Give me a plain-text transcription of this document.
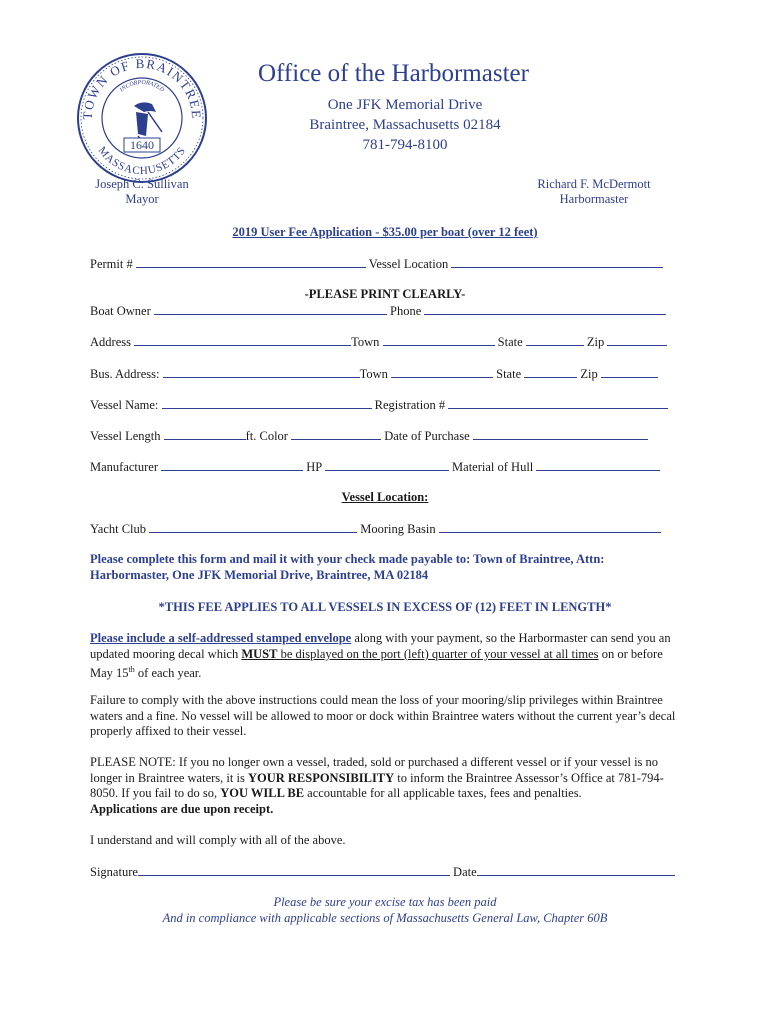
TOWN OF BRAINTREE
MASSACHUSETTS
INCORPORATED
1640
Office of the Harbormaster
One JFK Memorial Drive
Braintree, Massachusetts 02184
781-794-8100
Joseph C. Sullivan
Mayor
Richard F. McDermott
Harbormaster
2019 User Fee Application - $35.00 per boat (over 12 feet)
Permit #	Vessel Location
-PLEASE PRINT CLEARLY-
Boat Owner	Phone
Address	Town	State	Zip
Bus. Address:	Town	State	Zip
Vessel Name:	Registration #
Vessel Length	ft. Color	Date of Purchase
Manufacturer	HP	Material of Hull
Vessel Location:
Yacht Club	Mooring Basin
Please complete this form and mail it with your check made payable to: Town of Braintree, Attn: Harbormaster, One JFK Memorial Drive, Braintree, MA 02184
*THIS FEE APPLIES TO ALL VESSELS IN EXCESS OF (12) FEET IN LENGTH*
Please include a self-addressed stamped envelope along with your payment, so the Harbormaster can send you an updated mooring decal which MUST be displayed on the port (left) quarter of your vessel at all times on or before May 15th of each year.
Failure to comply with the above instructions could mean the loss of your mooring/slip privileges within Braintree waters and a fine. No vessel will be allowed to moor or dock within Braintree waters without the current year’s decal properly affixed to their vessel.
PLEASE NOTE: If you no longer own a vessel, traded, sold or purchased a different vessel or if your vessel is no longer in Braintree waters, it is YOUR RESPONSIBILITY to inform the Braintree Assessor’s Office at 781-794-8050. If you fail to do so, YOU WILL BE accountable for all applicable taxes, fees and penalties.
Applications are due upon receipt.
I understand and will comply with all of the above.
Signature	Date
Please be sure your excise tax has been paid
And in compliance with applicable sections of Massachusetts General Law, Chapter 60B
